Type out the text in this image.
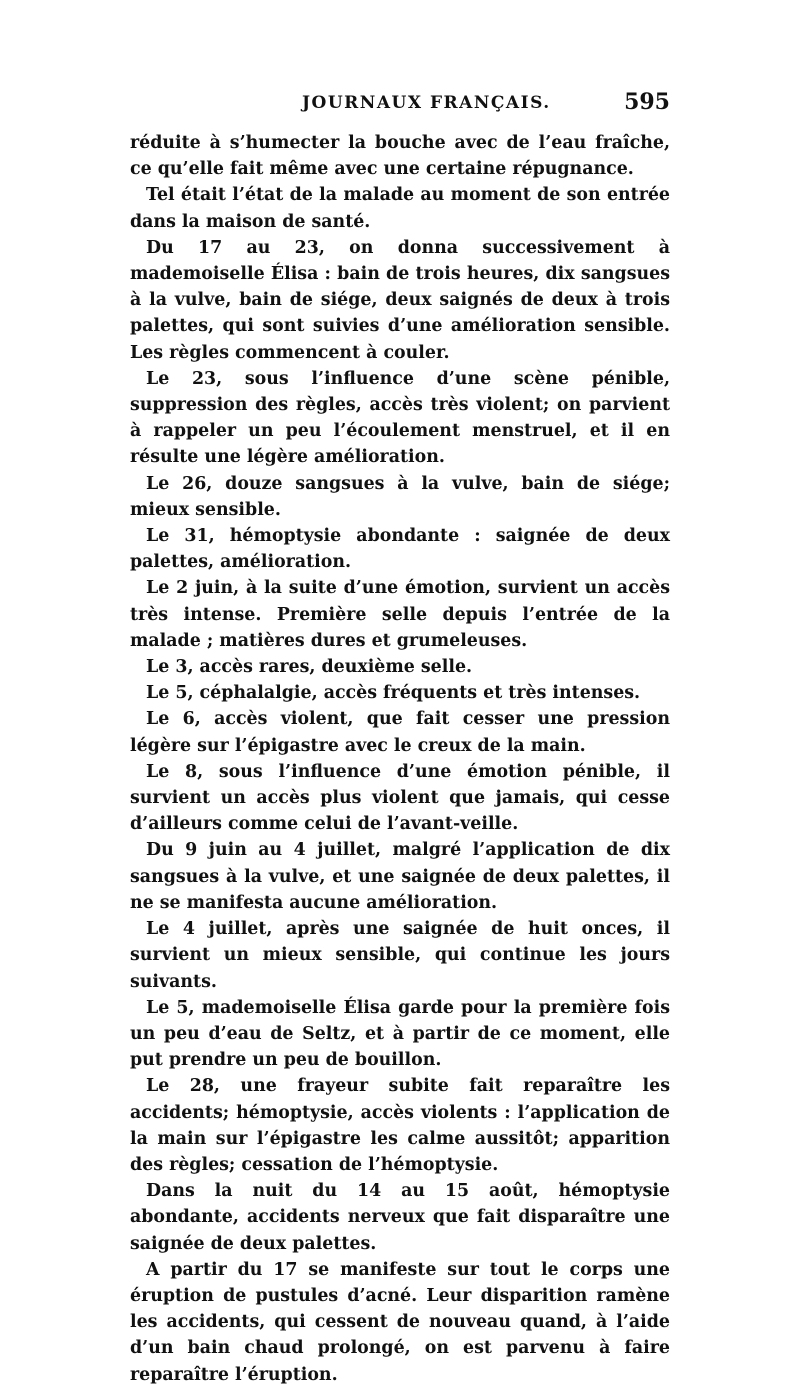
JOURNAUX FRANÇAIS.	595

réduite à s’humecter la bouche avec de l’eau fraîche, ce qu’elle fait même avec une certaine répugnance.

Tel était l’état de la malade au moment de son entrée dans la maison de santé.

Du 17 au 23, on donna successivement à mademoiselle Élisa : bain de trois heures, dix sangsues à la vulve, bain de siége, deux saignés de deux à trois palettes, qui sont suivies d’une amélioration sensible. Les règles commencent à couler.

Le 23, sous l’influence d’une scène pénible, suppression des règles, accès très violent; on parvient à rappeler un peu l’écoulement menstruel, et il en résulte une légère amélioration.

Le 26, douze sangsues à la vulve, bain de siége; mieux sensible.

Le 31, hémoptysie abondante : saignée de deux palettes, amélioration.

Le 2 juin, à la suite d’une émotion, survient un accès très intense. Première selle depuis l’entrée de la malade ; matières dures et grumeleuses.

Le 3, accès rares, deuxième selle.

Le 5, céphalalgie, accès fréquents et très intenses.

Le 6, accès violent, que fait cesser une pression légère sur l’épigastre avec le creux de la main.

Le 8, sous l’influence d’une émotion pénible, il survient un accès plus violent que jamais, qui cesse d’ailleurs comme celui de l’avant-veille.

Du 9 juin au 4 juillet, malgré l’application de dix sangsues à la vulve, et une saignée de deux palettes, il ne se manifesta aucune amélioration.

Le 4 juillet, après une saignée de huit onces, il survient un mieux sensible, qui continue les jours suivants.

Le 5, mademoiselle Élisa garde pour la première fois un peu d’eau de Seltz, et à partir de ce moment, elle put prendre un peu de bouillon.

Le 28, une frayeur subite fait reparaître les accidents; hémoptysie, accès violents : l’application de la main sur l’épigastre les calme aussitôt; apparition des règles; cessation de l’hémoptysie.

Dans la nuit du 14 au 15 août, hémoptysie abondante, accidents nerveux que fait disparaître une saignée de deux palettes.

A partir du 17 se manifeste sur tout le corps une éruption de pustules d’acné. Leur disparition ramène les accidents, qui cessent de nouveau quand, à l’aide d’un bain chaud prolongé, on est parvenu à faire reparaître l’éruption.
